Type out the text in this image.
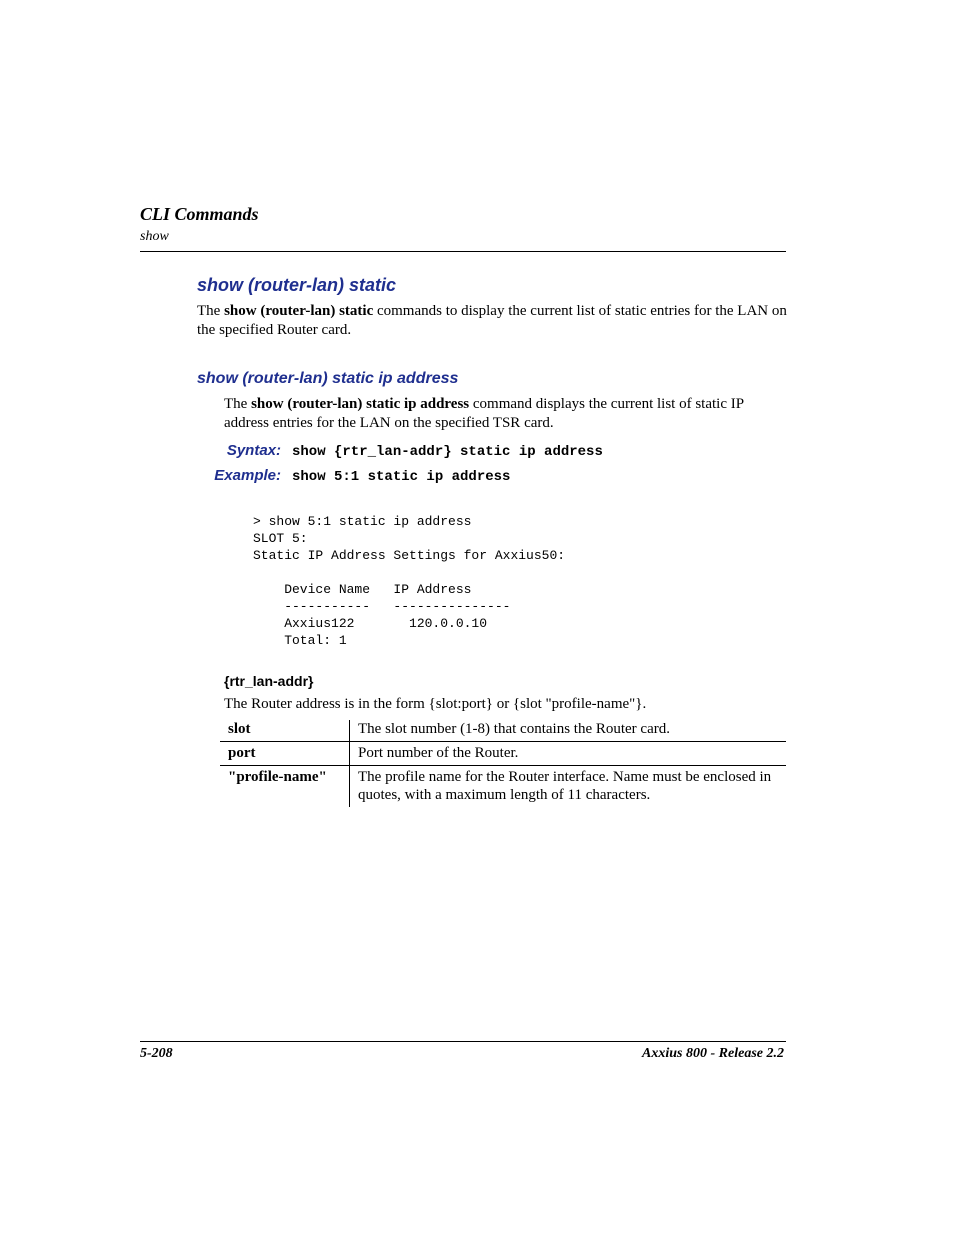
CLI Commands
show
show (router-lan) static
The show (router-lan) static commands to display the current list of static entries for the LAN on the specified Router card.
show (router-lan) static ip address
The show (router-lan) static ip address command displays the current list of static IP address entries for the LAN on the specified TSR card.
Syntax: show {rtr_lan-addr} static ip address
Example: show 5:1 static ip address
> show 5:1 static ip address
SLOT 5:
Static IP Address Settings for Axxius50:

Device Name   IP Address
-----------   ---------------
Axxius122       120.0.0.10
Total: 1
{rtr_lan-addr}
The Router address is in the form {slot:port} or {slot "profile-name"}.
slot	The slot number (1-8) that contains the Router card.
port	Port number of the Router.
"profile-name"	The profile name for the Router interface. Name must be enclosed in quotes, with a maximum length of 11 characters.
5-208	Axxius 800 - Release 2.2
